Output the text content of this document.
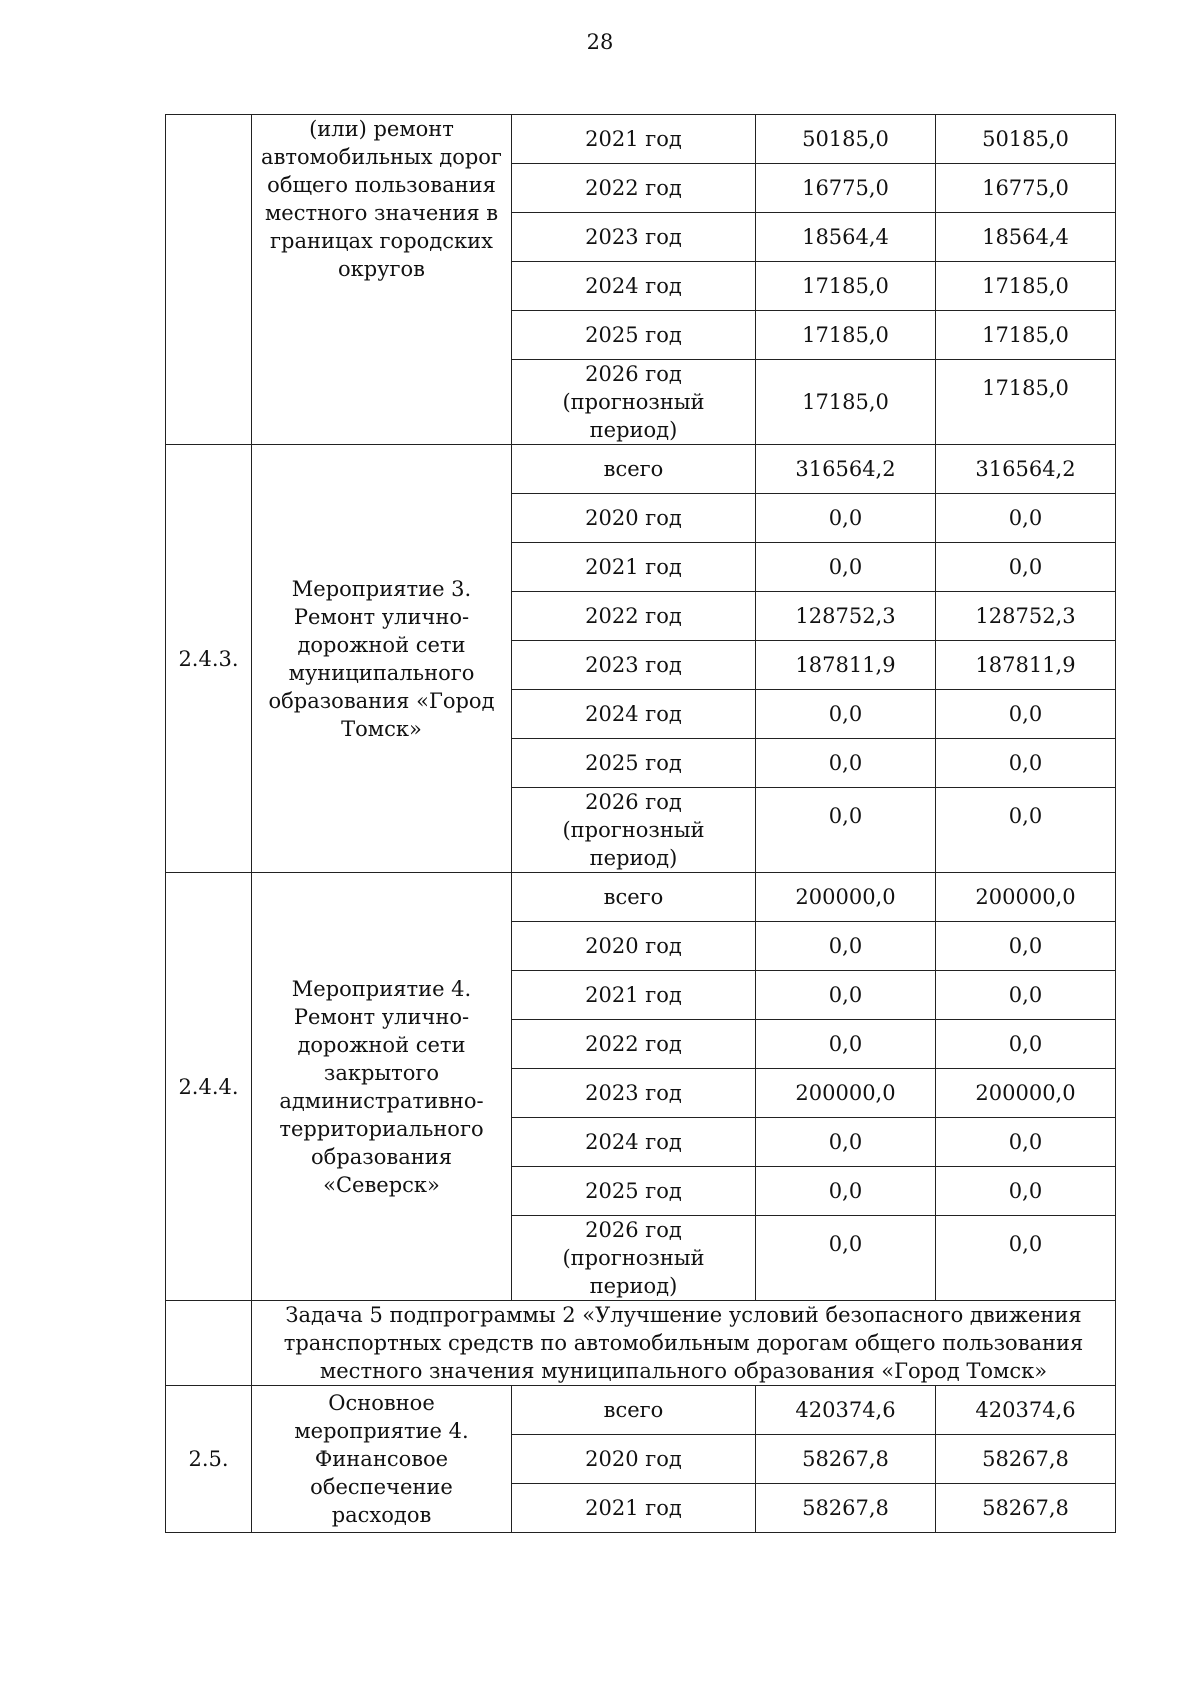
28
	(или) ремонт автомобильных дорог общего пользования местного значения в границах городских округов	2021 год	50185,0	50185,0
		2022 год	16775,0	16775,0
		2023 год	18564,4	18564,4
		2024 год	17185,0	17185,0
		2025 год	17185,0	17185,0
		2026 год (прогнозный период)	17185,0	17185,0
2.4.3.	Мероприятие 3. Ремонт улично-дорожной сети муниципального образования «Город Томск»	всего	316564,2	316564,2
		2020 год	0,0	0,0
		2021 год	0,0	0,0
		2022 год	128752,3	128752,3
		2023 год	187811,9	187811,9
		2024 год	0,0	0,0
		2025 год	0,0	0,0
		2026 год (прогнозный период)	0,0	0,0
2.4.4.	Мероприятие 4. Ремонт улично-дорожной сети закрытого административно-территориального образования «Северск»	всего	200000,0	200000,0
		2020 год	0,0	0,0
		2021 год	0,0	0,0
		2022 год	0,0	0,0
		2023 год	200000,0	200000,0
		2024 год	0,0	0,0
		2025 год	0,0	0,0
		2026 год (прогнозный период)	0,0	0,0
	Задача 5 подпрограммы 2 «Улучшение условий безопасного движения транспортных средств по автомобильным дорогам общего пользования местного значения муниципального образования «Город Томск»			
2.5.	Основное мероприятие 4. Финансовое обеспечение расходов	всего	420374,6	420374,6
		2020 год	58267,8	58267,8
		2021 год	58267,8	58267,8
